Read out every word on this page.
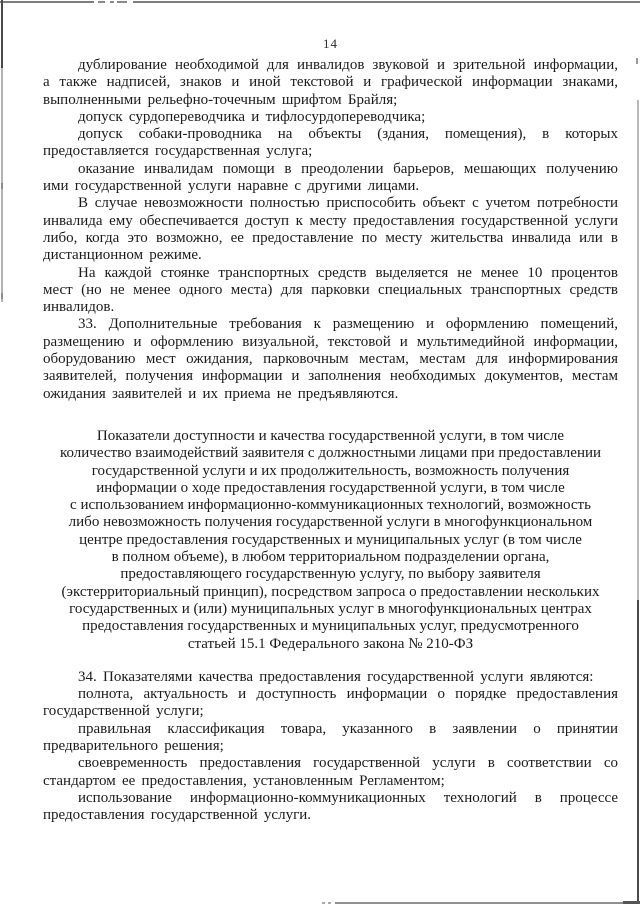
14

дублирование необходимой для инвалидов звуковой и зрительной информации, а также надписей, знаков и иной текстовой и графической информации знаками, выполненными рельефно-точечным шрифтом Брайля;

допуск сурдопереводчика и тифлосурдопереводчика;

допуск собаки-проводника на объекты (здания, помещения), в которых предоставляется государственная услуга;

оказание инвалидам помощи в преодолении барьеров, мешающих получению ими государственной услуги наравне с другими лицами.

В случае невозможности полностью приспособить объект с учетом потребности инвалида ему обеспечивается доступ к месту предоставления государственной услуги либо, когда это возможно, ее предоставление по месту жительства инвалида или в дистанционном режиме.

На каждой стоянке транспортных средств выделяется не менее 10 процентов мест (но не менее одного места) для парковки специальных транспортных средств инвалидов.

33. Дополнительные требования к размещению и оформлению помещений, размещению и оформлению визуальной, текстовой и мультимедийной информации, оборудованию мест ожидания, парковочным местам, местам для информирования заявителей, получения информации и заполнения необходимых документов, местам ожидания заявителей и их приема не предъявляются.

Показатели доступности и качества государственной услуги, в том числе
количество взаимодействий заявителя с должностными лицами при предоставлении
государственной услуги и их продолжительность, возможность получения
информации о ходе предоставления государственной услуги, в том числе
с использованием информационно-коммуникационных технологий, возможность
либо невозможность получения государственной услуги в многофункциональном
центре предоставления государственных и муниципальных услуг (в том числе
в полном объеме), в любом территориальном подразделении органа,
предоставляющего государственную услугу, по выбору заявителя
(экстерриториальный принцип), посредством запроса о предоставлении нескольких
государственных и (или) муниципальных услуг в многофункциональных центрах
предоставления государственных и муниципальных услуг, предусмотренного
статьей 15.1 Федерального закона № 210-ФЗ

34. Показателями качества предоставления государственной услуги являются:

полнота, актуальность и доступность информации о порядке предоставления государственной услуги;

правильная классификация товара, указанного в заявлении о принятии предварительного решения;

своевременность предоставления государственной услуги в соответствии со стандартом ее предоставления, установленным Регламентом;

использование информационно-коммуникационных технологий в процессе предоставления государственной услуги.
